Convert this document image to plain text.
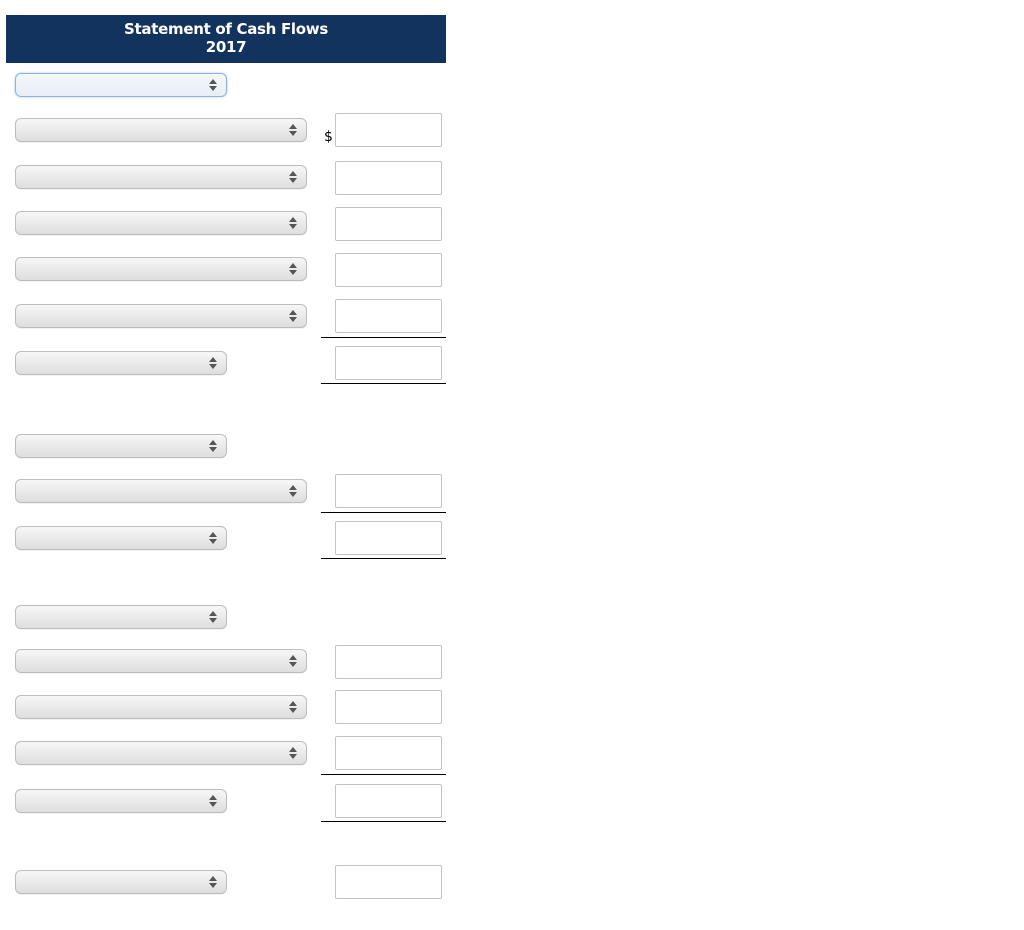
Statement of Cash Flows
2017
$
